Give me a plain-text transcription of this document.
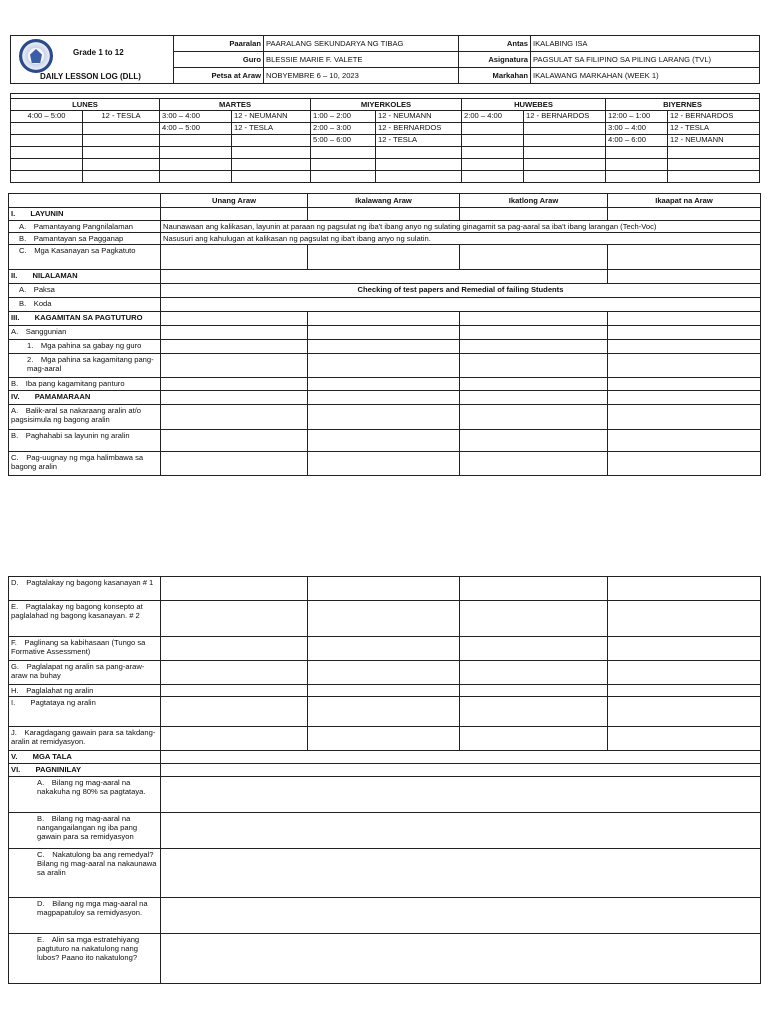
Grade 1 to 12
DAILY LESSON LOG (DLL)	Paaralan	PAARALANG SEKUNDARYA NG TIBAG	Antas	IKALABING ISA
	Guro	BLESSIE MARIE F. VALETE	Asignatura	PAGSULAT SA FILIPINO SA PILING LARANG (TVL)
	Petsa at Araw	NOBYEMBRE 6 – 10, 2023	Markahan	IKALAWANG MARKAHAN (WEEK 1)

LUNES		MARTES		MIYERKOLES		HUWEBES		BIYERNES	
4:00 – 5:00	12 - TESLA	3:00 – 4:00	12 - NEUMANN	1:00 – 2:00	12 - NEUMANN	2:00 – 4:00	12 - BERNARDOS	12:00 – 1:00	12 - BERNARDOS
		4:00 – 5:00	12 - TESLA	2:00 – 3:00	12 - BERNARDOS			3:00 – 4:00	12 - TESLA
				5:00 – 6:00	12 - TESLA			4:00 – 6:00	12 - NEUMANN

	Unang Araw	Ikalawang Araw	Ikatlong Araw	Ikaapat na Araw
I.  LAYUNIN				
A. Pamantayang Pangnilalaman	Naunawaan ang kalikasan, layunin at paraan ng pagsulat ng iba't ibang anyo ng sulating ginagamit sa pag-aaral sa iba't ibang larangan (Tech-Voc)			
B. Pamantayan sa Pagganap	Nasusuri ang kahulugan at kalikasan ng pagsulat ng iba't ibang anyo ng sulatin.			
C. Mga Kasanayan sa Pagkatuto				
II.  NILALAMAN				
A. Paksa	Checking of test papers and Remedial of failing Students			
B. Koda				
III.  KAGAMITAN SA PAGTUTURO				
A. Sanggunian				
1. Mga pahina sa gabay ng guro				
2. Mga pahina sa kagamitang pang-mag-aaral				
B. Iba pang kagamitang panturo				
IV.  PAMAMARAAN				
A. Balik-aral sa nakaraang aralin at/o pagsisimula ng bagong aralin				
B. Paghahabi sa layunin ng aralin				
C. Pag-uugnay ng mga halimbawa sa bagong aralin				
D. Pagtalakay ng bagong kasanayan # 1				
E. Pagtalakay ng bagong konsepto at paglalahad ng bagong kasanayan. # 2				
F. Paglinang sa kabihasaan (Tungo sa Formative Assessment)				
G. Paglalapat ng aralin sa pang-araw-araw na buhay				
H. Paglalahat ng aralin				
I.  Pagtataya ng aralin				
J. Karagdagang gawain para sa takdang-aralin at remidyasyon.				
V.  MGA TALA				
VI.  PAGNINILAY				
A. Bilang ng mag-aaral na nakakuha ng 80% sa pagtataya.				
B. Bilang ng mag-aaral na nangangailangan ng iba pang gawain para sa remidyasyon				
C. Nakatulong ba ang remedyal? Bilang ng mag-aaral na nakaunawa sa aralin				
D. Bilang ng mga mag-aaral na magpapatuloy sa remidyasyon.				
E. Alin sa mga estratehiyang pagtuturo na nakatulong nang lubos? Paano ito nakatulong?				
